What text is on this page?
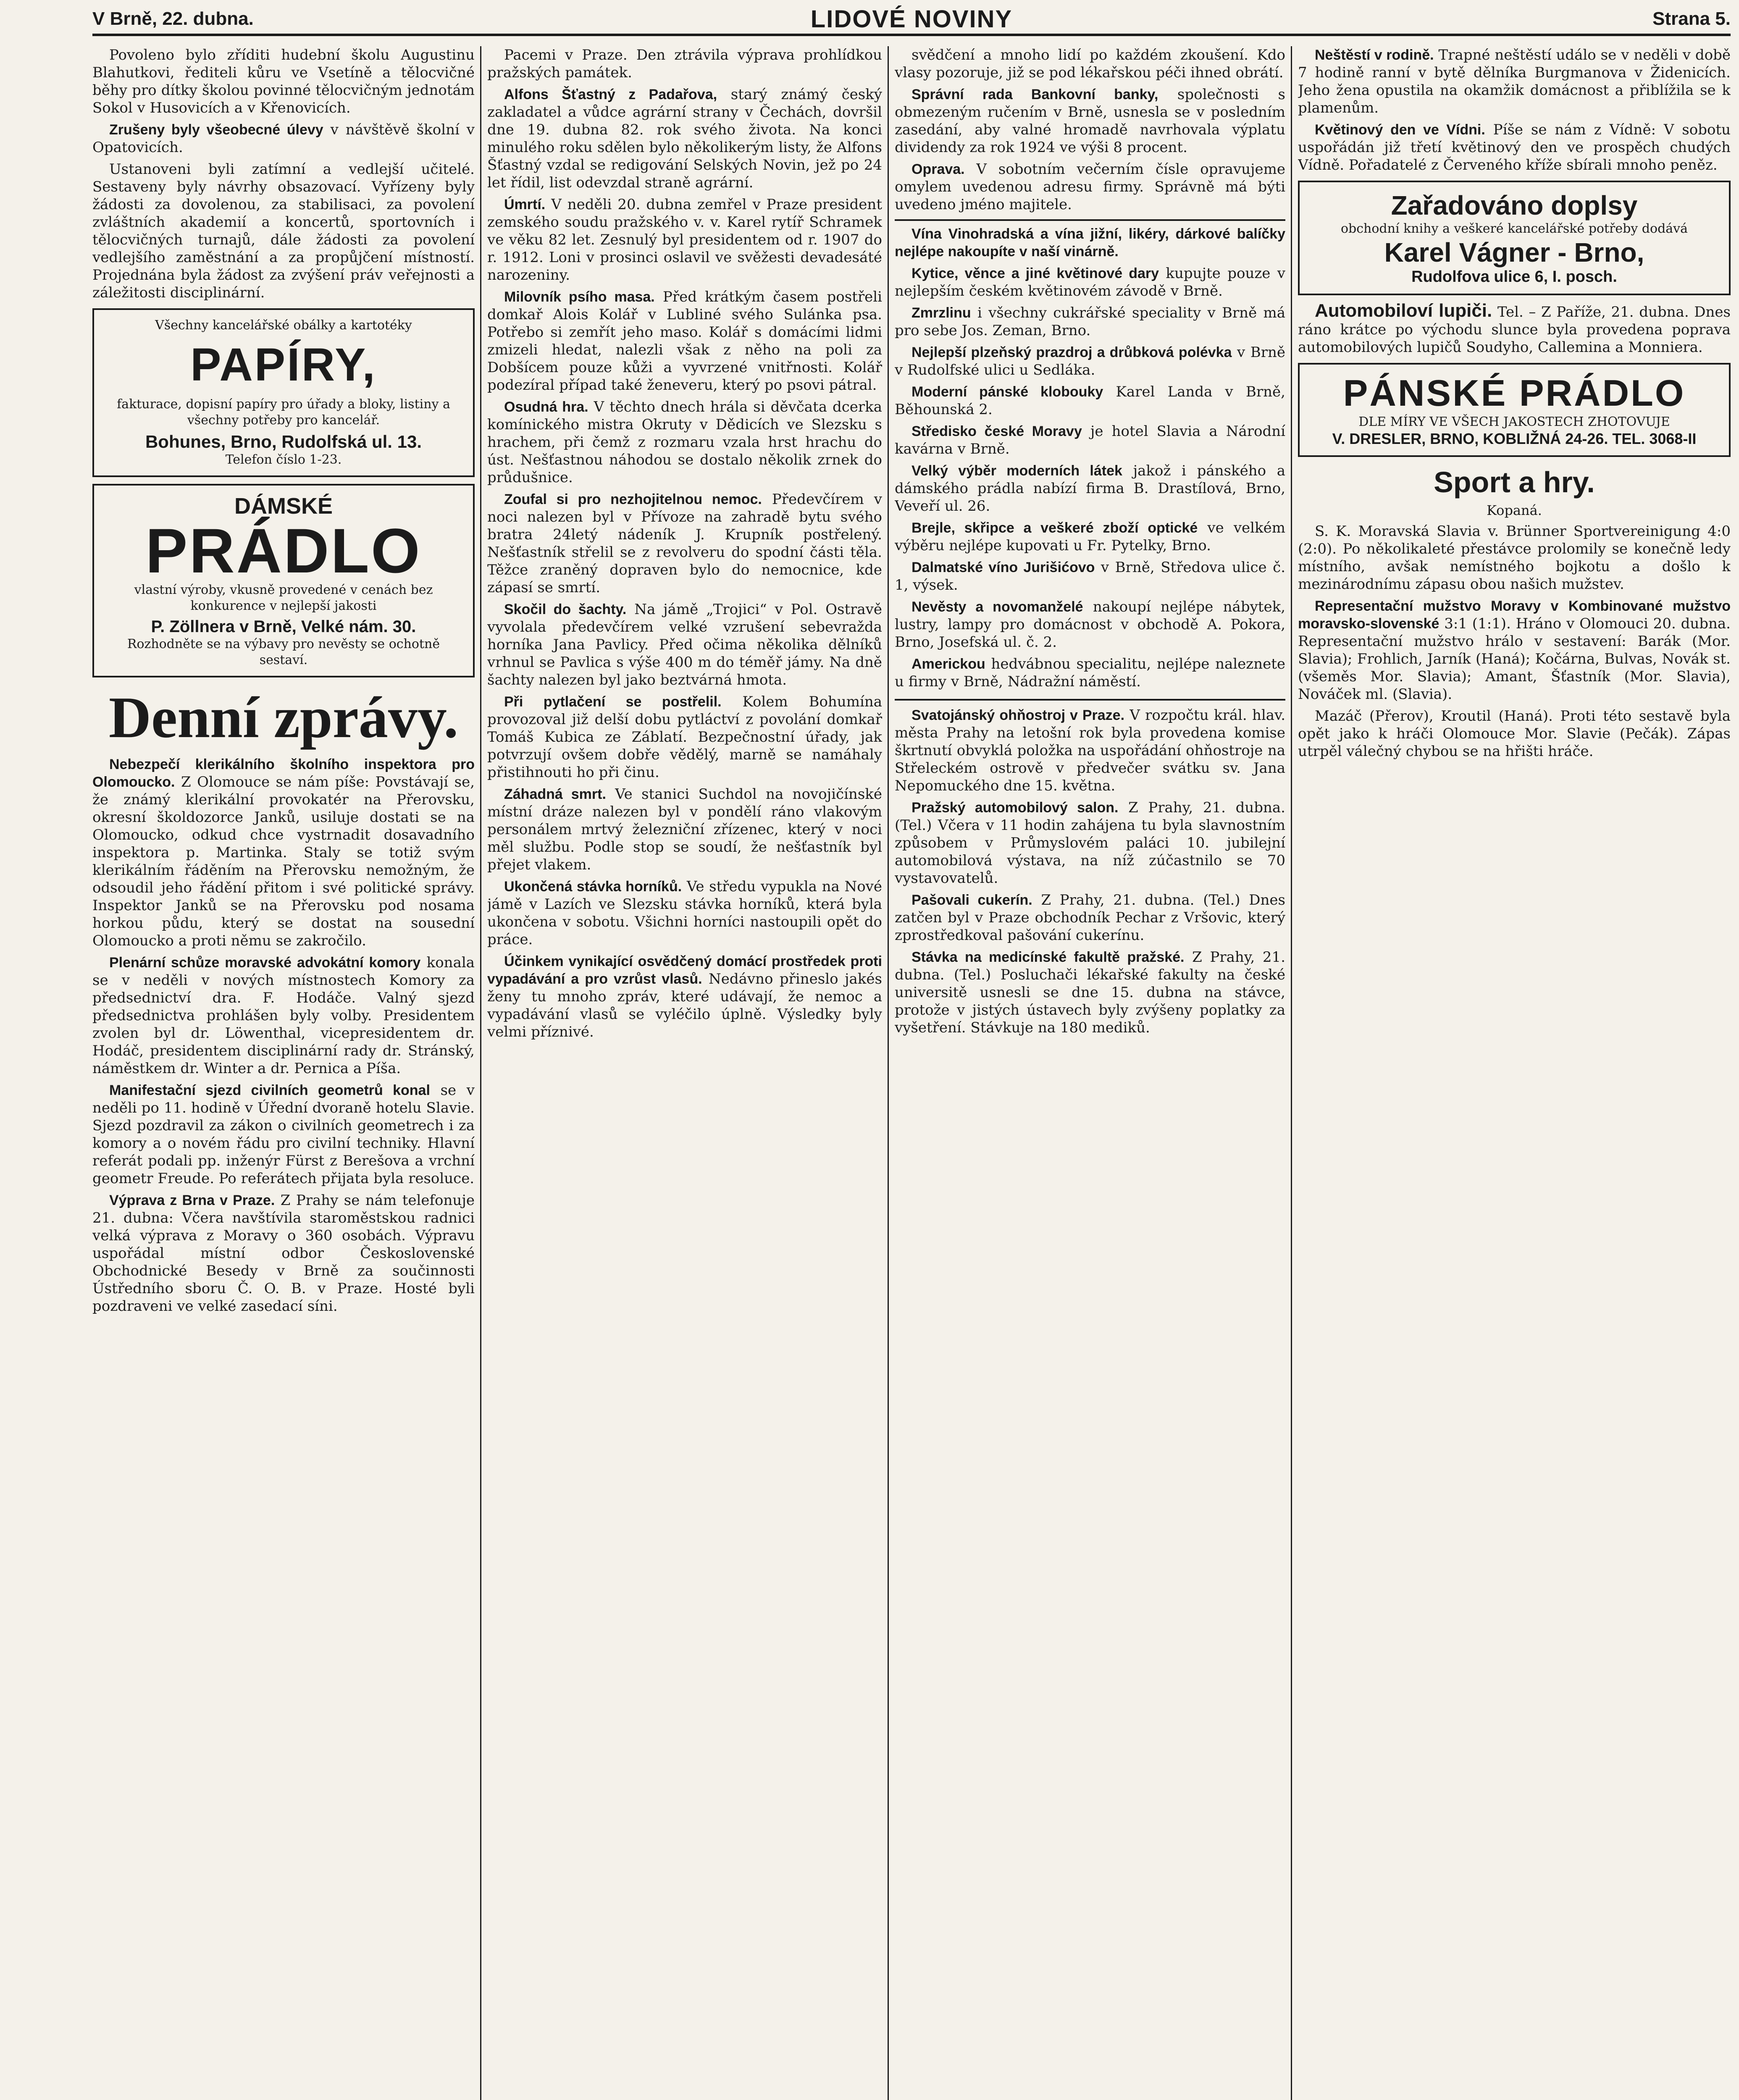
V Brně, 22. dubna.	LIDOVÉ NOVINY	Strana 5.

Povoleno bylo zříditi hudební školu Augustinu Blahutkovi, řediteli kůru ve Vsetíně a tělocvičné běhy pro dítky školou povinné tělocvičným jednotám Sokol v Husovicích a v Křenovicích.

Zrušeny byly všeobecné úlevy v návštěvě školní v Opatovicích.

Ustanoveni byli zatímní a vedlejší učitelé. Sestaveny byly návrhy obsazovací. Vyřízeny byly žádosti za dovolenou, za stabilisaci, za povolení zvláštních akademií a koncertů, sportovních i tělocvičných turnajů, dále žádosti za povolení vedlejšího zaměstnání a za propůjčení místností. Projednána byla žádost za zvýšení práv veřejnosti a záležitosti disciplinární.

Všechny kancelářské obálky a kartotéky
PAPÍRY,
fakturace, dopisní papíry pro úřady a bloky, listiny a všechny potřeby pro kancelář.
Bohunes, Brno, Rudolfská ul. 13.
Telefon číslo 1-23.
DÁMSKÉ
PRÁDLO
vlastní výroby, vkusně provedené v cenách bez konkurence v nejlepší jakosti
P. Zöllnera v Brně, Velké nám. 30.
Rozhodněte se na výbavy pro nevěsty se ochotně sestaví.
Denní zprávy.

Nebezpečí klerikálního školního inspektora pro Olomoucko. Z Olomouce se nám píše: Povstávají se, že známý klerikální provokatér na Přerovsku, okresní školdozorce Janků, usiluje dostati se na Olomoucko, odkud chce vystrnadit dosavadního inspektora p. Martinka. Staly se totiž svým klerikálním řáděním na Přerovsku nemožným, že odsoudil jeho řádění přitom i své politické správy. Inspektor Janků se na Přerovsku pod nosama horkou půdu, který se dostat na sousední Olomoucko a proti němu se zakročilo.

Plenární schůze moravské advokátní komory konala se v neděli v nových místnostech Komory za předsednictví dra. F. Hodáče. Valný sjezd předsednictva prohlášen byly volby. Presidentem zvolen byl dr. Löwenthal, vicepresidentem dr. Hodáč, presidentem disciplinární rady dr. Stránský, náměstkem dr. Winter a dr. Pernica a Píša.

Manifestační sjezd civilních geometrů konal se v neděli po 11. hodině v Úřední dvoraně hotelu Slavie. Sjezd pozdravil za zákon o civilních geometrech i za komory a o novém řádu pro civilní techniky. Hlavní referát podali pp. inženýr Fürst z Berešova a vrchní geometr Freude. Po referátech přijata byla resoluce.

Výprava z Brna v Praze. Z Prahy se nám telefonuje 21. dubna: Včera navštívila staroměstskou radnici velká výprava z Moravy o 360 osobách. Výpravu uspořádal místní odbor Československé Obchodnické Besedy v Brně za součinnosti Ústředního sboru Č. O. B. v Praze. Hosté byli pozdraveni ve velké zasedací síni.

Pacemi v Praze. Den ztrávila výprava prohlídkou pražských památek.

Alfons Šťastný z Padařova, starý známý český zakladatel a vůdce agrární strany v Čechách, dovršil dne 19. dubna 82. rok svého života. Na konci minulého roku sdělen bylo několikerým listy, že Alfons Šťastný vzdal se redigování Selských Novin, jež po 24 let řídil, list odevzdal straně agrární.

Úmrtí. V neděli 20. dubna zemřel v Praze president zemského soudu pražského v. v. Karel rytíř Schramek ve věku 82 let. Zesnulý byl presidentem od r. 1907 do r. 1912. Loni v prosinci oslavil ve svěžesti devadesáté narozeniny.

Milovník psího masa. Před krátkým časem postřeli domkař Alois Kolář v Lubliné svého Sulánka psa. Potřebo si zemřít jeho maso. Kolář s domácími lidmi zmizeli hledat, nalezli však z něho na poli za Dobšícem pouze kůži a vyvrzené vnitřnosti. Kolář podezíral případ také ženeveru, který po psovi pátral.

Osudná hra. V těchto dnech hrála si děvčata dcerka komínického mistra Okruty v Dědicích ve Slezsku s hrachem, při čemž z rozmaru vzala hrst hrachu do úst. Nešťastnou náhodou se dostalo několik zrnek do průdušnice.

Zoufal si pro nezhojitelnou nemoc. Předevčírem v noci nalezen byl v Přívoze na zahradě bytu svého bratra 24letý nádeník J. Krupník postřelený. Nešťastník střelil se z revolveru do spodní části těla. Těžce zraněný dopraven bylo do nemocnice, kde zápasí se smrtí.

Skočil do šachty. Na jámě „Trojici“ v Pol. Ostravě vyvolala předevčírem velké vzrušení sebevražda horníka Jana Pavlicy. Před očima několika dělníků vrhnul se Pavlica s výše 400 m do téměř jámy. Na dně šachty nalezen byl jako beztvárná hmota.

Při pytlačení se postřelil. Kolem Bohumína provozoval již delší dobu pytláctví z povolání domkař Tomáš Kubica ze Záblatí. Bezpečnostní úřady, jak potvrzují ovšem dobře vědělý, marně se namáhaly přistihnouti ho při činu.

Záhadná smrt. Ve stanici Suchdol na novojičínské místní dráze nalezen byl v pondělí ráno vlakovým personálem mrtvý železniční zřízenec, který v noci měl službu. Podle stop se soudí, že nešťastník byl přejet vlakem.

Ukončená stávka horníků. Ve středu vypukla na Nové jámě v Lazích ve Slezsku stávka horníků, která byla ukončena v sobotu. Všichni horníci nastoupili opět do práce.

Účinkem vynikající osvědčený domácí prostředek proti vypadávání a pro vzrůst vlasů. Nedávno přineslo jakés ženy tu mnoho zpráv, které udávají, že nemoc a vypadávání vlasů se vyléčilo úplně. Výsledky byly velmi příznivé.

svědčení a mnoho lidí po každém zkoušení. Kdo vlasy pozoruje, již se pod lékařskou péči ihned obrátí.

Správní rada Bankovní banky, společnosti s obmezeným ručením v Brně, usnesla se v posledním zasedání, aby valné hromadě navrhovala výplatu dividendy za rok 1924 ve výši 8 procent.

Oprava. V sobotním večerním čísle opravujeme omylem uvedenou adresu firmy. Správně má býti uvedeno jméno majitele.

Vína Vinohradská a vína jižní, likéry, dárkové balíčky nejlépe nakoupíte v naší vinárně.

Kytice, věnce a jiné květinové dary kupujte pouze v nejlepším českém květinovém závodě v Brně.

Zmrzlinu i všechny cukrářské speciality v Brně má pro sebe Jos. Zeman, Brno.

Nejlepší plzeňský prazdroj a drůbková polévka v Brně v Rudolfské ulici u Sedláka.

Moderní pánské klobouky Karel Landa v Brně, Běhounská 2.

Středisko české Moravy je hotel Slavia a Národní kavárna v Brně.

Velký výběr moderních látek jakož i pánského a dámského prádla nabízí firma B. Drastílová, Brno, Veveří ul. 26.

Brejle, skřipce a veškeré zboží optické ve velkém výběru nejlépe kupovati u Fr. Pytelky, Brno.

Dalmatské víno Jurišićovo v Brně, Středova ulice č. 1, výsek.

Nevěsty a novomanželé nakoupí nejlépe nábytek, lustry, lampy pro domácnost v obchodě A. Pokora, Brno, Josefská ul. č. 2.

Americkou hedvábnou specialitu, nejlépe naleznete u firmy v Brně, Nádražní náměstí.

Svatojánský ohňostroj v Praze. V rozpočtu král. hlav. města Prahy na letošní rok byla provedena komise škrtnutí obvyklá položka na uspořádání ohňostroje na Střeleckém ostrově v předvečer svátku sv. Jana Nepomuckého dne 15. května.

Pražský automobilový salon. Z Prahy, 21. dubna. (Tel.) Včera v 11 hodin zahájena tu byla slavnostním způsobem v Průmyslovém paláci 10. jubilejní automobilová výstava, na níž zúčastnilo se 70 vystavovatelů.

Pašovali cukerín. Z Prahy, 21. dubna. (Tel.) Dnes zatčen byl v Praze obchodník Pechar z Vršovic, který zprostředkoval pašování cukerínu.

Stávka na medicínské fakultě pražské. Z Prahy, 21. dubna. (Tel.) Posluchači lékařské fakulty na české universitě usnesli se dne 15. dubna na stávce, protože v jistých ústavech byly zvýšeny poplatky za vyšetření. Stávkuje na 180 mediků.

Neštěstí v rodině. Trapné neštěstí událo se v neděli v době 7 hodině ranní v bytě dělníka Burgmanova v Židenicích. Jeho žena opustila na okamžik domácnost a přiblížila se k plamenům.

Květinový den ve Vídni. Píše se nám z Vídně: V sobotu uspořádán již třetí květinový den ve prospěch chudých Vídně. Pořadatelé z Červeného kříže sbírali mnoho peněz.

Zařadováno doplsy
obchodní knihy a veškeré kancelářské potřeby dodává
Karel Vágner - Brno,
Rudolfova ulice 6, I. posch.

Automobiloví lupiči. Tel. – Z Paříže, 21. dubna. Dnes ráno krátce po východu slunce byla provedena poprava automobilových lupičů Soudyho, Callemina a Monniera.

PÁNSKÉ PRÁDLO
DLE MÍRY VE VŠECH JAKOSTECH ZHOTOVUJE
V. DRESLER, BRNO, KOBLIŽNÁ 24-26. TEL. 3068-II
Sport a hry.
Kopaná.

S. K. Moravská Slavia v. Brünner Sportvereinigung 4:0 (2:0). Po několikaleté přestávce prolomily se konečně ledy místního, avšak nemístného bojkotu a došlo k mezinárodnímu zápasu obou našich mužstev.

Representační mužstvo Moravy v Kombinované mužstvo moravsko-slovenské 3:1 (1:1). Hráno v Olomouci 20. dubna. Representační mužstvo hrálo v sestavení: Barák (Mor. Slavia); Frohlich, Jarník (Haná); Kočárna, Bulvas, Novák st. (všeměs Mor. Slavia); Amant, Šťastník (Mor. Slavia), Nováček ml. (Slavia).

Mazáč (Přerov), Kroutil (Haná). Proti této sestavě byla opět jako k hráči Olomouce Mor. Slavie (Pečák). Zápas utrpěl válečný chybou se na hřišti hráče.
